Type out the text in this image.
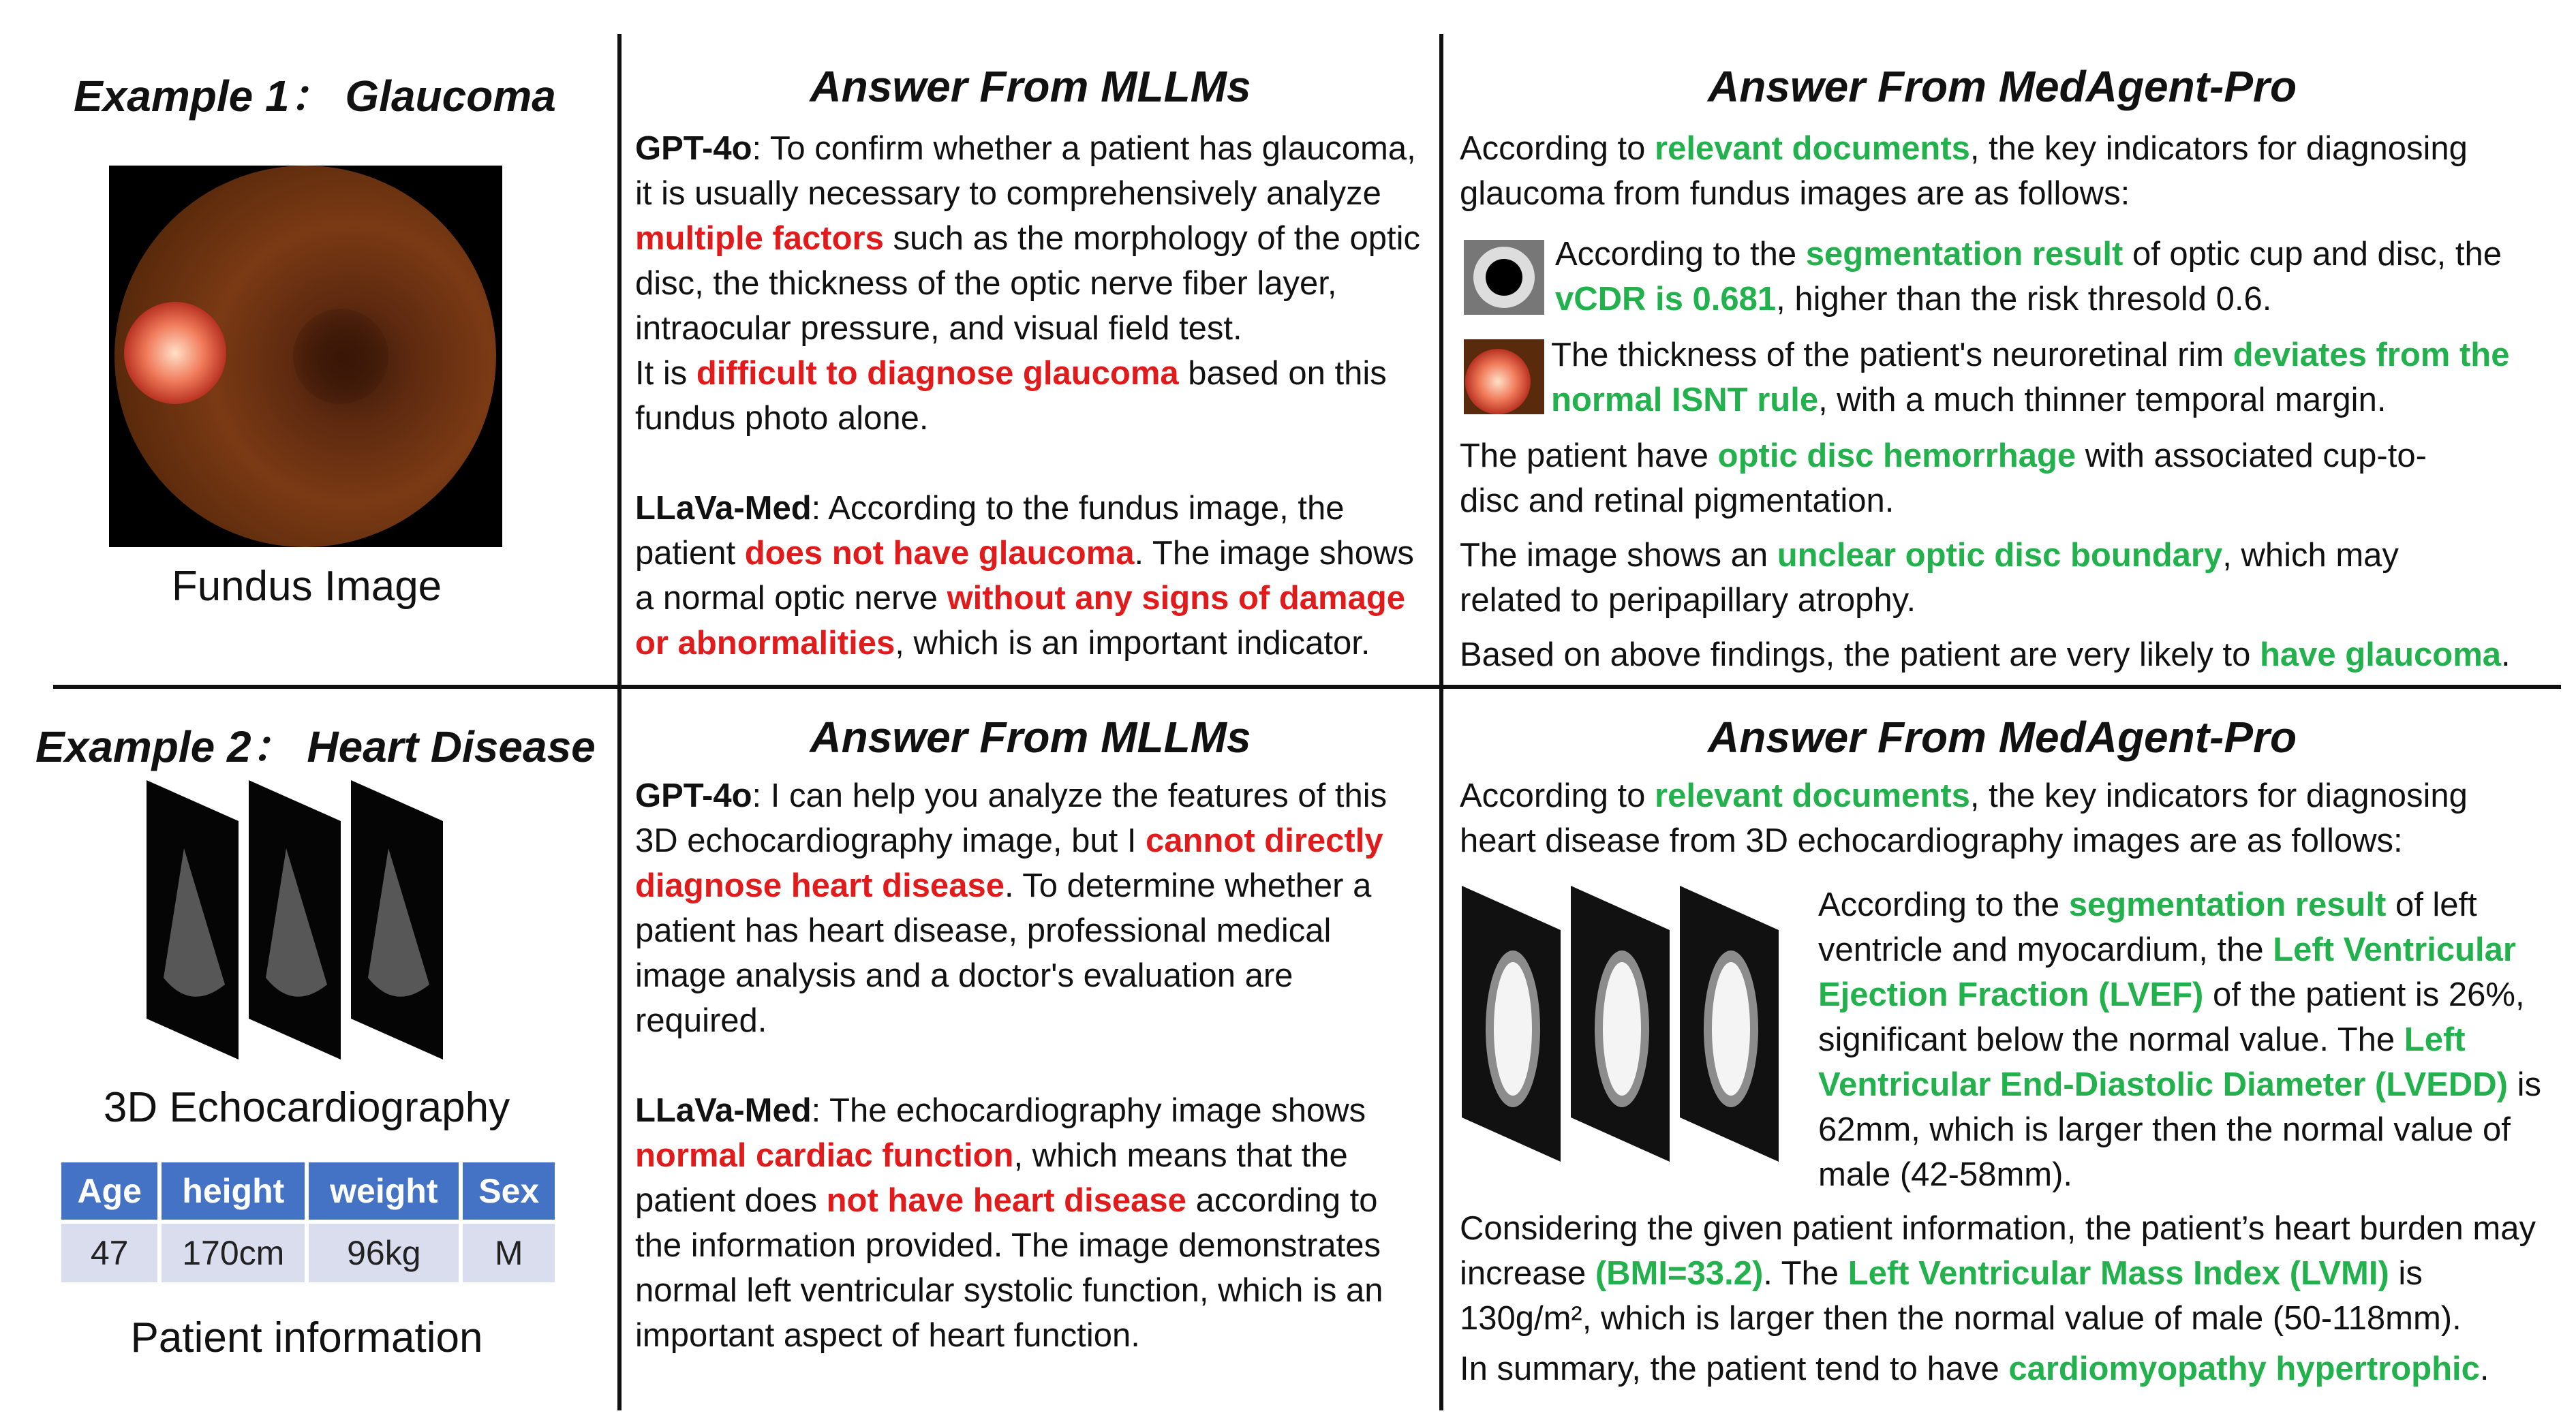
Example 1： Glaucoma
Fundus Image
Answer From MLLMs

GPT-4o: To confirm whether a patient has glaucoma, it is usually necessary to comprehensively analyze multiple factors such as the morphology of the optic disc, the thickness of the optic nerve fiber layer, intraocular pressure, and visual field test.

It is difficult to diagnose glaucoma based on this fundus photo alone.

LLaVa-Med: According to the fundus image, the patient does not have glaucoma. The image shows a normal optic nerve without any signs of damage or abnormalities, which is an important indicator.

Answer From MedAgent-Pro

According to relevant documents, the key indicators for diagnosing glaucoma from fundus images are as follows:

According to the segmentation result of optic cup and disc, the vCDR is 0.681, higher than the risk thresold 0.6.

The thickness of the patient's neuroretinal rim deviates from the normal ISNT rule, with a much thinner temporal margin.

The patient have optic disc hemorrhage with associated cup-to-disc and retinal pigmentation.

The image shows an unclear optic disc boundary, which may related to peripapillary atrophy.

Based on above findings, the patient are very likely to have glaucoma.

Example 2： Heart Disease
3D Echocardiography
Age	height	weight	Sex
47	170cm	96kg	M
Patient information
Answer From MLLMs

GPT-4o: I can help you analyze the features of this 3D echocardiography image, but I cannot directly diagnose heart disease. To determine whether a patient has heart disease, professional medical image analysis and a doctor's evaluation are required.

LLaVa-Med: The echocardiography image shows normal cardiac function, which means that the patient does not have heart disease according to the information provided. The image demonstrates normal left ventricular systolic function, which is an important aspect of heart function.

Answer From MedAgent-Pro

According to relevant documents, the key indicators for diagnosing heart disease from 3D echocardiography images are as follows:

According to the segmentation result of left ventricle and myocardium, the Left Ventricular Ejection Fraction (LVEF) of the patient is 26%, significant below the normal value. The Left Ventricular End-Diastolic Diameter (LVEDD) is 62mm, which is larger then the normal value of male (42-58mm).

Considering the given patient information, the patient’s heart burden may increase (BMI=33.2). The Left Ventricular Mass Index (LVMI) is 130g/m², which is larger then the normal value of male (50-118mm).

In summary, the patient tend to have cardiomyopathy hypertrophic.
